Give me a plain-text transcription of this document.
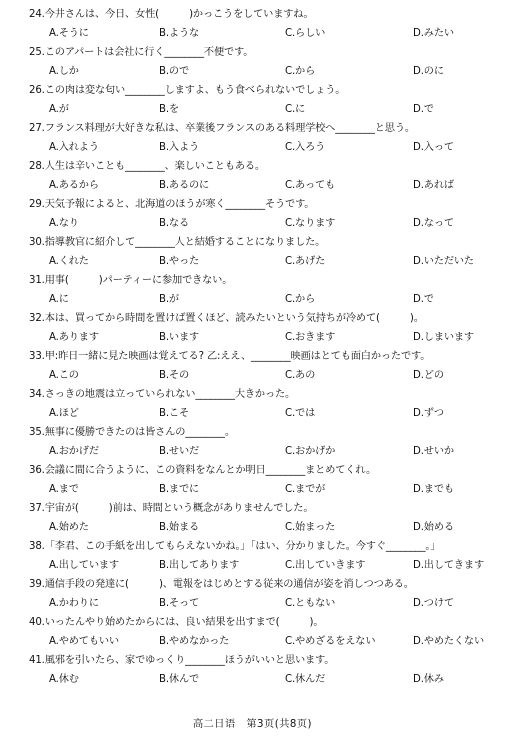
24.今井さんは、今日、女性(　　　)かっこうをしていますね。
A.そうに	B.ような	C.らしい	D.みたい
25.このアパートは会社に行く________不便です。
A.しか	B.ので	C.から	D.のに
26.この肉は変な匂い________しますよ、もう食べられないでしょう。
A.が	B.を	C.に	D.で
27.フランス料理が大好きな私は、卒業後フランスのある料理学校へ________と思う。
A.入れよう	B.入よう	C.入ろう	D.入って
28.人生は辛いことも________、楽しいこともある。
A.あるから	B.あるのに	C.あっても	D.あれば
29.天気予報によると、北海道のほうが寒く________そうです。
A.なり	B.なる	C.なります	D.なって
30.指導教官に紹介して________人と結婚することになりました。
A.くれた	B.やった	C.あげた	D.いただいた
31.用事(　　　)パーティーに参加できない。
A.に	B.が	C.から	D.で
32.本は、買ってから時間を置けば置くほど、読みたいという気持ちが冷めて(　　　)。
A.あります	B.います	C.おきます	D.しまいます
33.甲:昨日一緒に見た映画は覚えてる? 乙:ええ、________映画はとても面白かったです。
A.この	B.その	C.あの	D.どの
34.さっきの地震は立っていられない________大きかった。
A.ほど	B.こそ	C.では	D.ずつ
35.無事に優勝できたのは皆さんの________。
A.おかげだ	B.せいだ	C.おかげか	D.せいか
36.会議に間に合うように、この資料をなんとか明日________まとめてくれ。
A.まで	B.までに	C.までが	D.までも
37.宇宙が(　　　)前は、時間という概念がありませんでした。
A.始めた	B.始まる	C.始まった	D.始める
38.「李君、この手紙を出してもらえないかね。」「はい、分かりました。今すぐ________。」
A.出しています	B.出してあります	C.出していきます	D.出してきます
39.通信手段の発達に(　　　)、電報をはじめとする従来の通信が姿を消しつつある。
A.かわりに	B.そって	C.ともない	D.つけて
40.いったんやり始めたからには、良い結果を出すまで(　　　)。
A.やめてもいい	B.やめなかった	C.やめざるをえない	D.やめたくない
41.風邪を引いたら、家でゆっくり________ほうがいいと思います。
A.休む	B.休んで	C.休んだ	D.休み
高二日语　第3页(共8页)
